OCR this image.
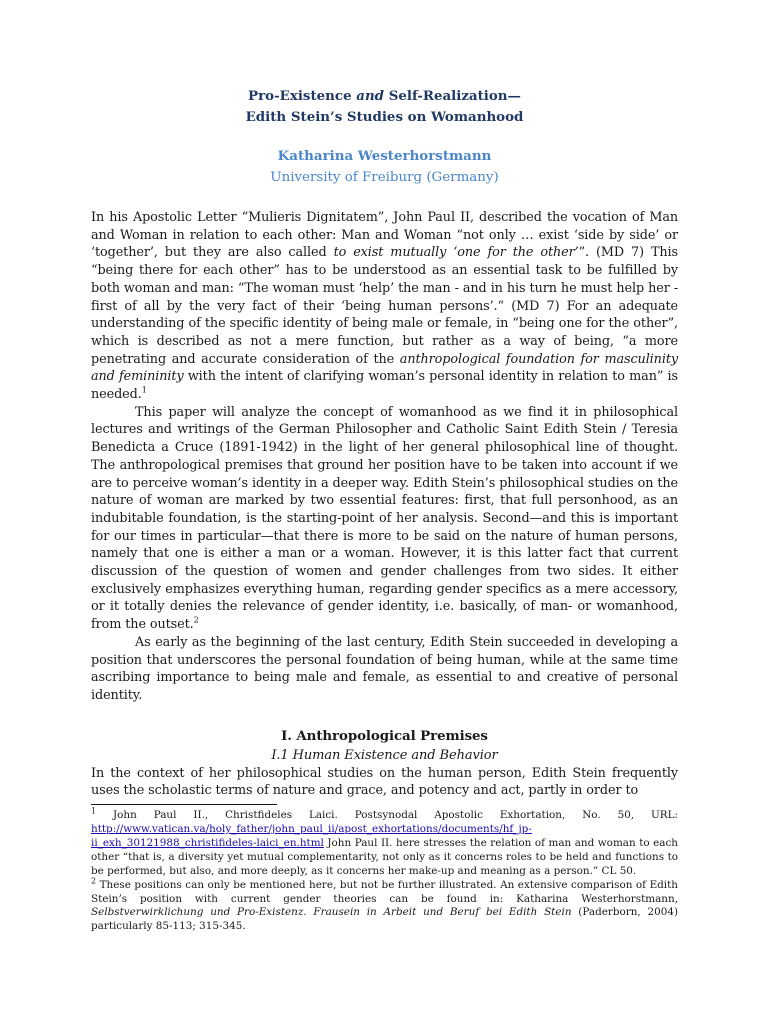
Pro-Existence and Self-Realization—
Edith Stein’s Studies on Womanhood
Katharina Westerhorstmann
University of Freiburg (Germany)

In his Apostolic Letter “Mulieris Dignitatem”, John Paul II, described the vocation of Man and Woman in relation to each other: Man and Woman “not only … exist ‘side by side’ or ‘together’, but they are also called to exist mutually ‘one for the other’”. (MD 7) This “being there for each other” has to be understood as an essential task to be fulfilled by both woman and man: “The woman must ‘help’ the man - and in his turn he must help her - first of all by the very fact of their ‘being human persons’.“ (MD 7) For an adequate understanding of the specific identity of being male or female, in “being one for the other”, which is described as not a mere function, but rather as a way of being, “a more penetrating and accurate consideration of the anthropological foundation for masculinity and femininity with the intent of clarifying woman’s personal identity in relation to man” is needed.$^1$

This paper will analyze the concept of womanhood as we find it in philosophical lectures and writings of the German Philosopher and Catholic Saint Edith Stein / Teresia Benedicta a Cruce (1891-1942) in the light of her general philosophical line of thought. The anthropological premises that ground her position have to be taken into account if we are to perceive woman’s identity in a deeper way. Edith Stein’s philosophical studies on the nature of woman are marked by two essential features: first, that full personhood, as an indubitable foundation, is the starting-point of her analysis. Second—and this is important for our times in particular—that there is more to be said on the nature of human persons, namely that one is either a man or a woman. However, it is this latter fact that current discussion of the question of women and gender challenges from two sides. It either exclusively emphasizes everything human, regarding gender specifics as a mere accessory, or it totally denies the relevance of gender identity, i.e. basically, of man- or womanhood, from the outset.$^2$

As early as the beginning of the last century, Edith Stein succeeded in developing a position that underscores the personal foundation of being human, while at the same time ascribing importance to being male and female, as essential to and creative of personal identity.

I. Anthropological Premises
I.1 Human Existence and Behavior

In the context of her philosophical studies on the human person, Edith Stein frequently uses the scholastic terms of nature and grace, and potency and act, partly in order to

$^1$ John Paul II., Christfideles Laici. Postsynodal Apostolic Exhortation, No. 50, URL: http://www.vatican.va/holy_father/john_paul_ii/apost_exhortations/documents/hf_jp-ii_exh_30121988_christifideles-laici_en.html John Paul II. here stresses the relation of man and woman to each other “that is, a diversity yet mutual complementarity, not only as it concerns roles to be held and functions to be performed, but also, and more deeply, as it concerns her make-up and meaning as a person.” CL 50.

$^2$ These positions can only be mentioned here, but not be further illustrated. An extensive comparison of Edith Stein’s position with current gender theories can be found in: Katharina Westerhorstmann, Selbstverwirklichung und Pro-Existenz. Frausein in Arbeit und Beruf bei Edith Stein (Paderborn, 2004) particularly 85-113; 315-345.
